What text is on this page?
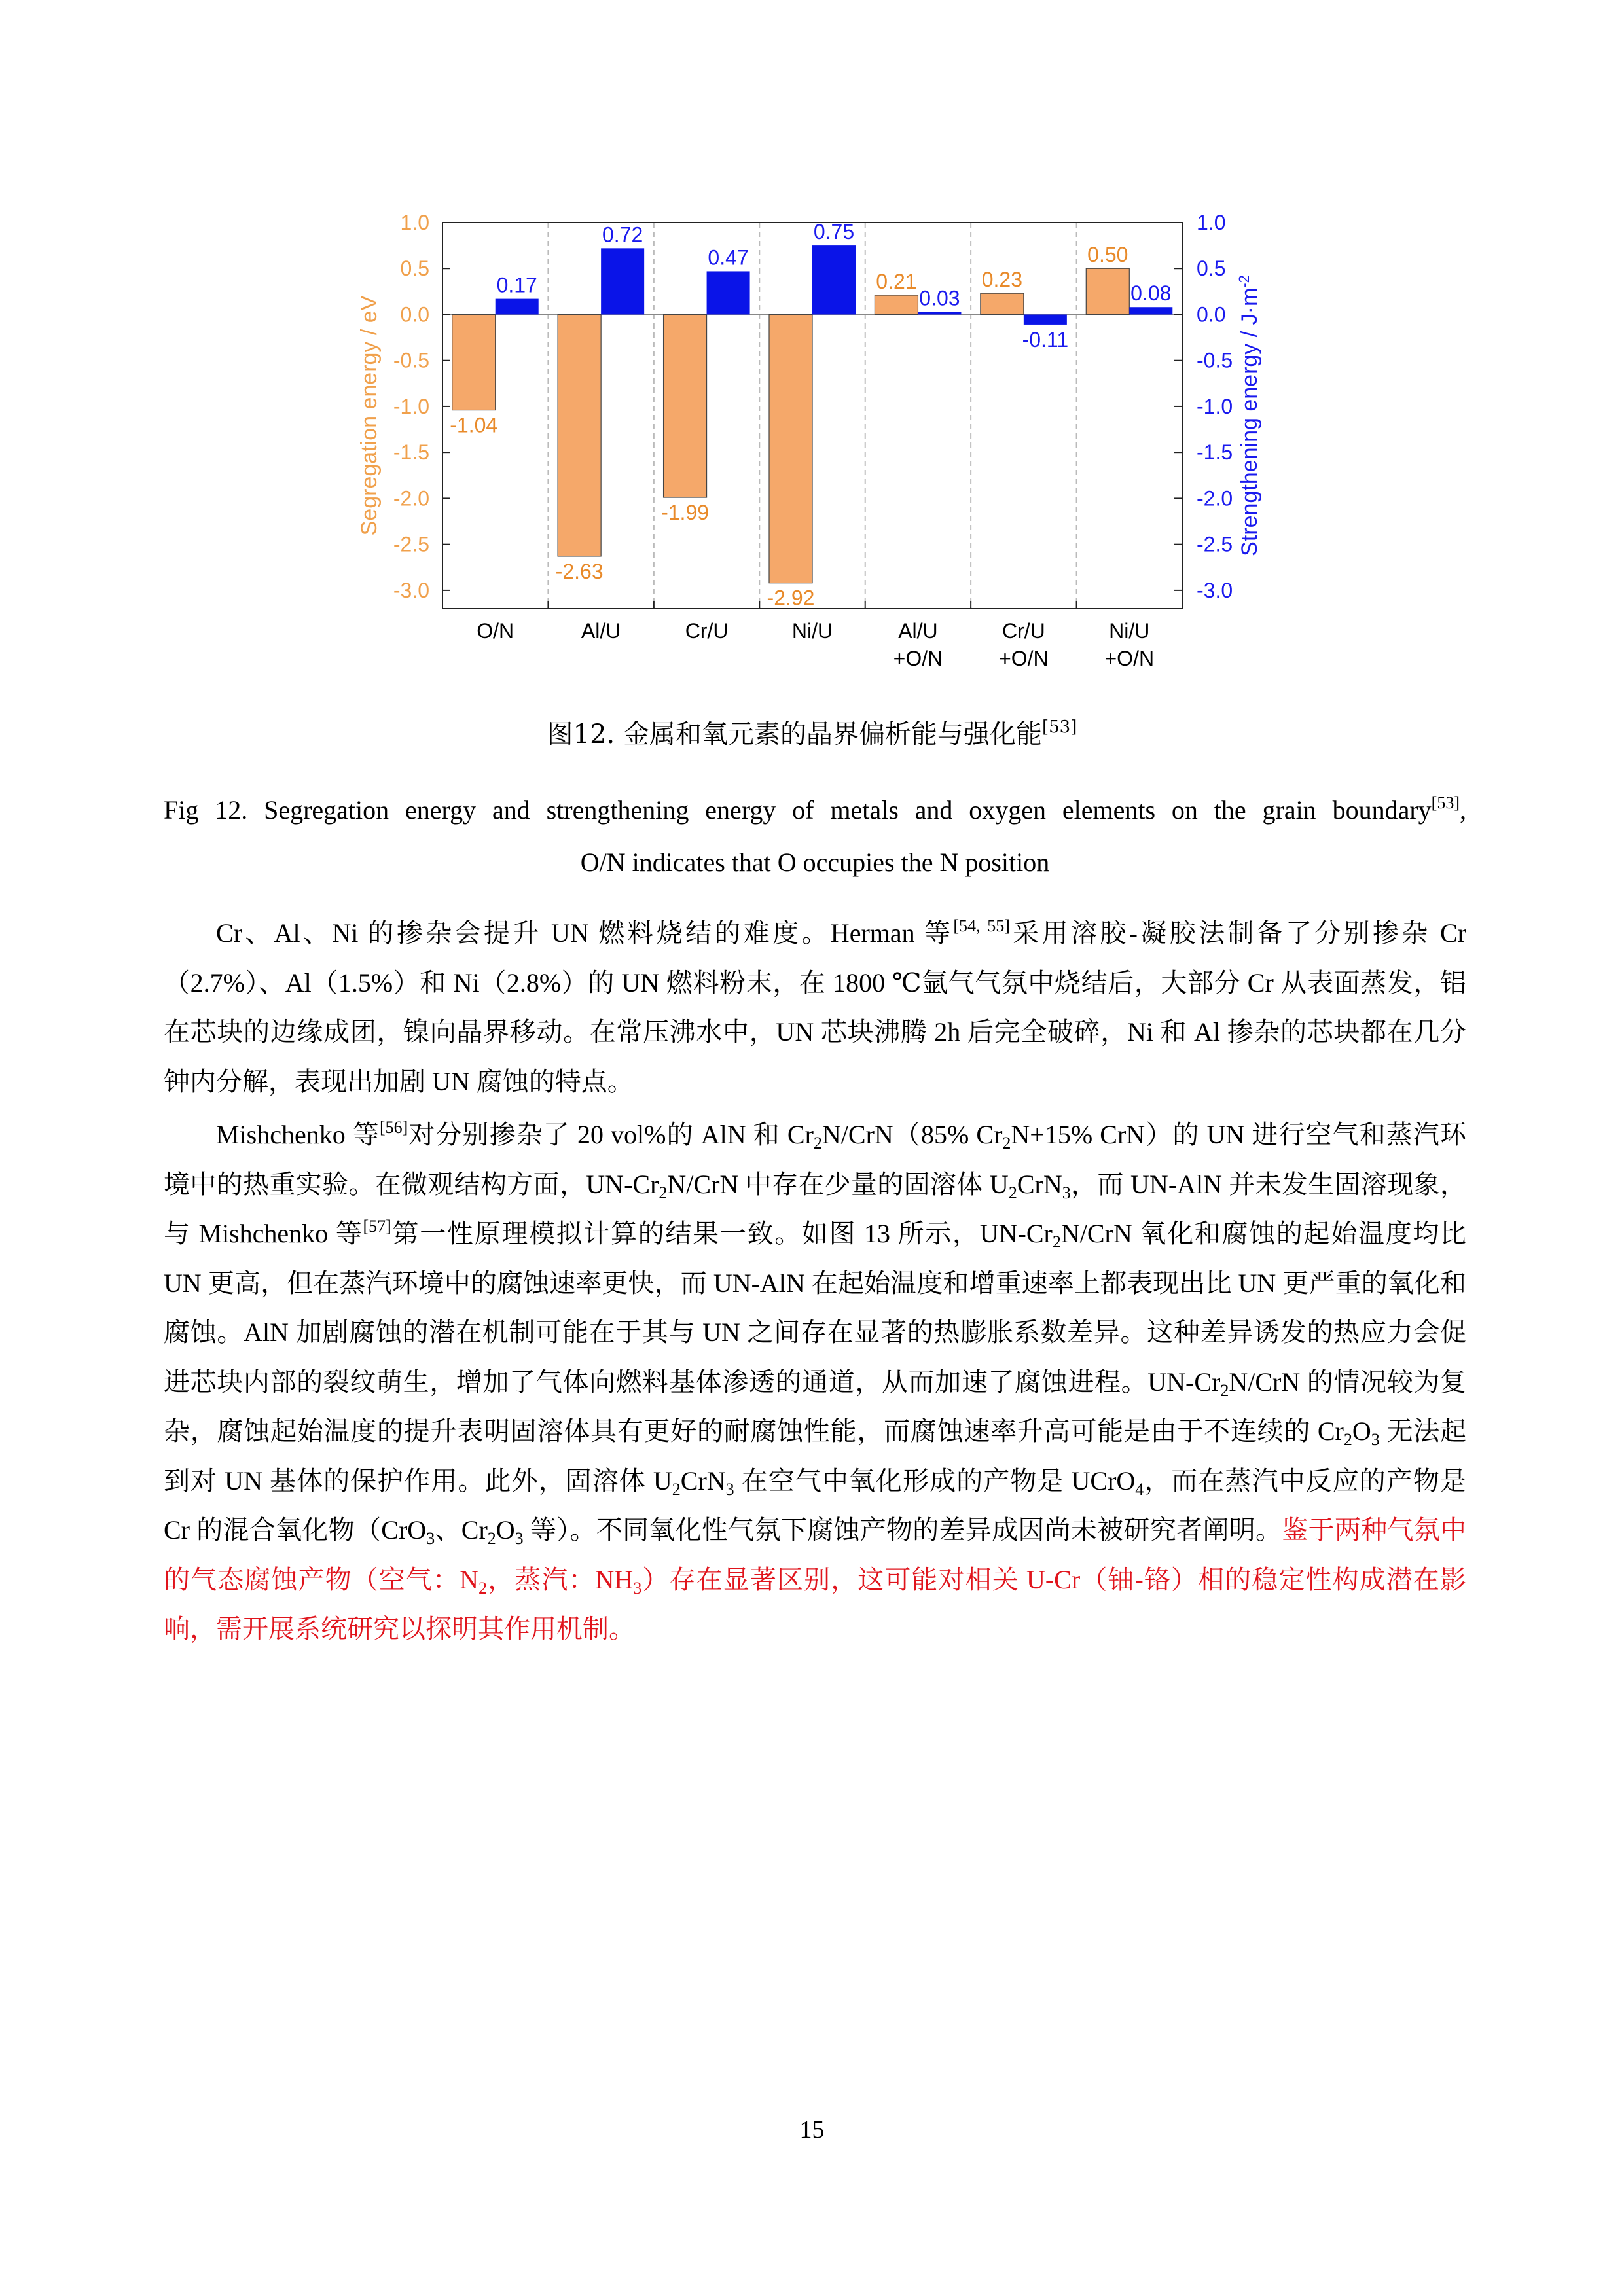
-1.04
-2.63
-1.99
-2.92
0.21	0.23
0.50
0.17
0.72
0.47
0.75
0.03
-0.11
0.08
1.0	1.0
0.5	0.5
0.0	0.0
-0.5	-0.5
-1.0	-1.0
-1.5	-1.5
-2.0	-2.0
-2.5	-2.5
-3.0	-3.0
O/N	Al/U	Cr/U	Ni/U	Al/U
+O/N
Cr/U
+O/N
Ni/U
+O/N
Segregation energy / eV	Strengthening energy / $J\cdot m^{-2}$
图12. 金属和氧元素的晶界偏析能与强化能[53]
Fig 12. Segregation energy and strengthening energy of metals and oxygen elements on the grain boundary[53],
O/N indicates that O occupies the N position

Cr、Al、Ni 的掺杂会提升 UN 燃料烧结的难度。Herman 等[54, 55]采用溶胶-凝胶法制备了分别掺杂 Cr（2.7%）、Al（1.5%）和 Ni（2.8%）的 UN 燃料粉末，在 1800 ℃氩气气氛中烧结后，大部分 Cr 从表面蒸发，铝在芯块的边缘成团，镍向晶界移动。在常压沸水中，UN 芯块沸腾 2h 后完全破碎，Ni 和 Al 掺杂的芯块都在几分钟内分解，表现出加剧 UN 腐蚀的特点。

Mishchenko 等[56]对分别掺杂了 20 vol%的 AlN 和 $Cr_2N/CrN(85\%$ $Cr_2N+15\%$ CrN）的 UN 进行空气和蒸汽环境中的热重实验。在微观结构方面，$UN-Cr_2N$/CrN 中存在少量的固溶体 $U_2CrN_3$，而 UN-AlN 并未发生固溶现象，与 Mishchenko 等[57]第一性原理模拟计算的结果一致。如图 13 所示，$UN-Cr_2N$/CrN 氧化和腐蚀的起始温度均比 UN 更高，但在蒸汽环境中的腐蚀速率更快，而 UN-AlN 在起始温度和增重速率上都表现出比 UN 更严重的氧化和腐蚀。AlN 加剧腐蚀的潜在机制可能在于其与 UN 之间存在显著的热膨胀系数差异。这种差异诱发的热应力会促进芯块内部的裂纹萌生，增加了气体向燃料基体渗透的通道，从而加速了腐蚀进程。$UN-Cr_2N$/CrN 的情况较为复杂，腐蚀起始温度的提升表明固溶体具有更好的耐腐蚀性能，而腐蚀速率升高可能是由于不连续的 $Cr_2O_3$ 无法起到对 UN 基体的保护作用。此外，固溶体 $U_2CrN_3$ 在空气中氧化形成的产物是 UCrO$_4$，而在蒸汽中反应的产物是 Cr 的混合氧化物（CrO$_3$、$Cr_2O_3$ 等）。不同氧化性气氛下腐蚀产物的差异成因尚未被研究者阐明。鉴于两种气氛中的气态腐蚀产物（空气：$N_2$，蒸汽：$NH_3$）存在显著区别，这可能对相关 U-Cr（铀-铬）相的稳定性构成潜在影响，需开展系统研究以探明其作用机制。

15
